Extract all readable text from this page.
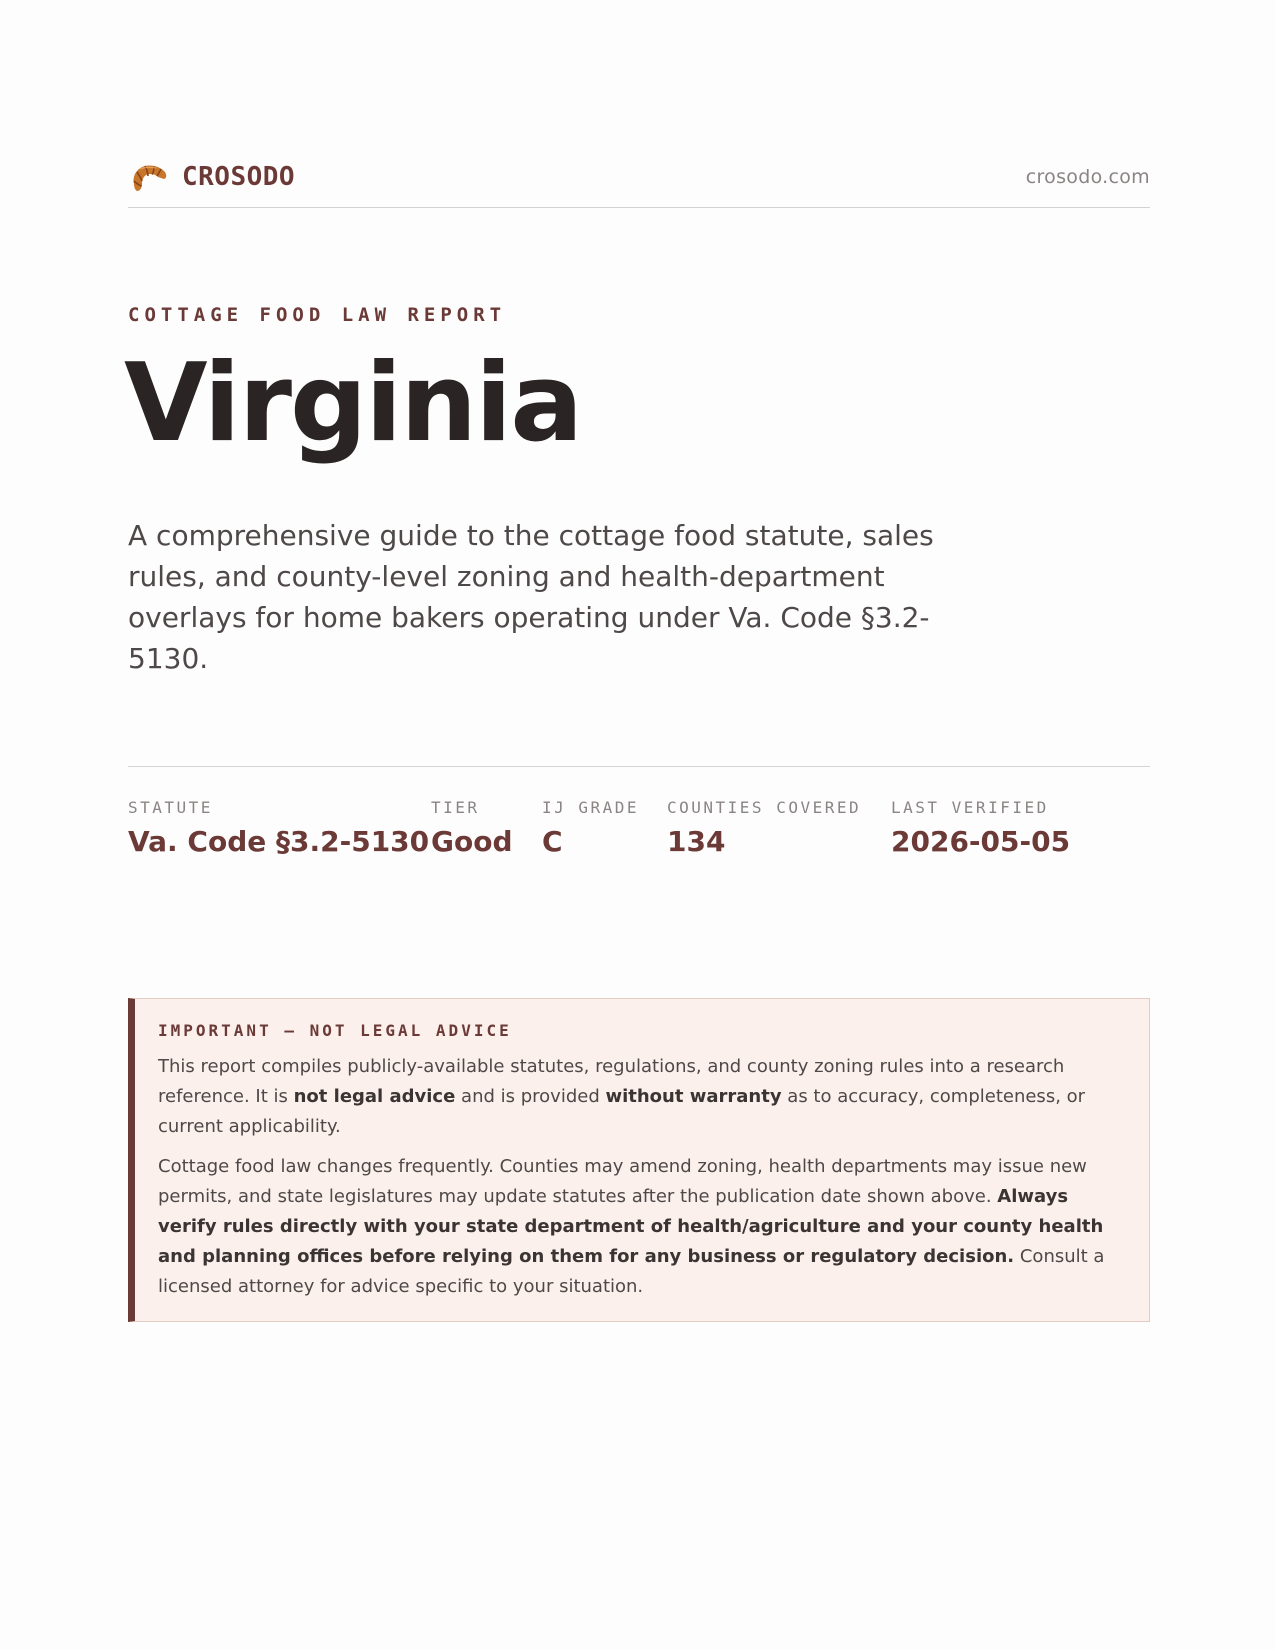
CROSODO	crosodo.com
COTTAGE FOOD LAW REPORT
Virginia

A comprehensive guide to the cottage food statute, sales rules, and county-level zoning and health-department overlays for home bakers operating under Va. Code §3.2-5130.

STATUTE
Va. Code §3.2-5130
TIER
Good
IJ GRADE
C
COUNTIES COVERED
134
LAST VERIFIED
2026-05-05
IMPORTANT — NOT LEGAL ADVICE

This report compiles publicly-available statutes, regulations, and county zoning rules into a research reference. It is not legal advice and is provided without warranty as to accuracy, completeness, or current applicability.

Cottage food law changes frequently. Counties may amend zoning, health departments may issue new permits, and state legislatures may update statutes after the publication date shown above. Always verify rules directly with your state department of health/agriculture and your county health and planning offices before relying on them for any business or regulatory decision. Consult a licensed attorney for advice specific to your situation.
